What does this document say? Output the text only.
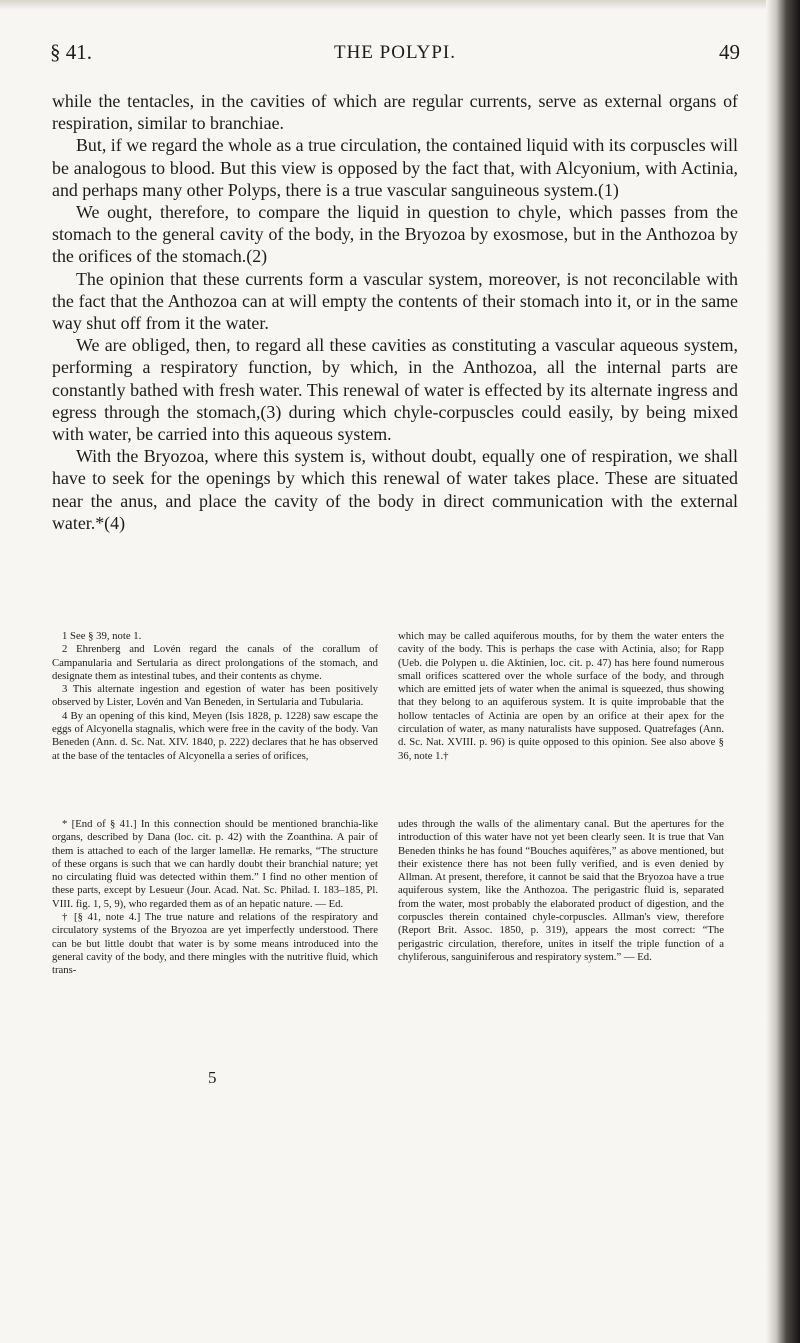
§ 41.	THE POLYPI.	49

while the tentacles, in the cavities of which are regular currents, serve as external organs of respiration, similar to branchiae.

But, if we regard the whole as a true circulation, the contained liquid with its corpuscles will be analogous to blood. But this view is opposed by the fact that, with Alcyonium, with Actinia, and perhaps many other Polyps, there is a true vascular sanguineous system.(1)

We ought, therefore, to compare the liquid in question to chyle, which passes from the stomach to the general cavity of the body, in the Bryozoa by exosmose, but in the Anthozoa by the orifices of the stomach.(2)

The opinion that these currents form a vascular system, moreover, is not reconcilable with the fact that the Anthozoa can at will empty the contents of their stomach into it, or in the same way shut off from it the water.

We are obliged, then, to regard all these cavities as constituting a vascular aqueous system, performing a respiratory function, by which, in the Anthozoa, all the internal parts are constantly bathed with fresh water. This renewal of water is effected by its alternate ingress and egress through the stomach,(3) during which chyle-corpuscles could easily, by being mixed with water, be carried into this aqueous system.

With the Bryozoa, where this system is, without doubt, equally one of respiration, we shall have to seek for the openings by which this renewal of water takes place. These are situated near the anus, and place the cavity of the body in direct communication with the external water.*(4)

1 See § 39, note 1.

2 Ehrenberg and Lovén regard the canals of the corallum of Campanularia and Sertularia as direct prolongations of the stomach, and designate them as intestinal tubes, and their contents as chyme.

3 This alternate ingestion and egestion of water has been positively observed by Lister, Lovén and Van Beneden, in Sertularia and Tubularia.

4 By an opening of this kind, Meyen (Isis 1828, p. 1228) saw escape the eggs of Alcyonella stagnalis, which were free in the cavity of the body. Van Beneden (Ann. d. Sc. Nat. XIV. 1840, p. 222) declares that he has observed at the base of the tentacles of Alcyonella a series of orifices,

which may be called aquiferous mouths, for by them the water enters the cavity of the body. This is perhaps the case with Actinia, also; for Rapp (Ueb. die Polypen u. die Aktinien, loc. cit. p. 47) has here found numerous small orifices scattered over the whole surface of the body, and through which are emitted jets of water when the animal is squeezed, thus showing that they belong to an aquiferous system. It is quite improbable that the hollow tentacles of Actinia are open by an orifice at their apex for the circulation of water, as many naturalists have supposed. Quatrefages (Ann. d. Sc. Nat. XVIII. p. 96) is quite opposed to this opinion. See also above § 36, note 1.†

* [End of § 41.] In this connection should be mentioned branchia-like organs, described by Dana (loc. cit. p. 42) with the Zoanthina. A pair of them is attached to each of the larger lamellæ. He remarks, “The structure of these organs is such that we can hardly doubt their branchial nature; yet no circulating fluid was detected within them.” I find no other mention of these parts, except by Lesueur (Jour. Acad. Nat. Sc. Philad. I. 183–185, Pl. VIII. fig. 1, 5, 9), who regarded them as of an hepatic nature. — Ed.

† [§ 41, note 4.] The true nature and relations of the respiratory and circulatory systems of the Bryozoa are yet imperfectly understood. There can be but little doubt that water is by some means introduced into the general cavity of the body, and there mingles with the nutritive fluid, which trans-

udes through the walls of the alimentary canal. But the apertures for the introduction of this water have not yet been clearly seen. It is true that Van Beneden thinks he has found “Bouches aquifères,” as above mentioned, but their existence there has not been fully verified, and is even denied by Allman. At present, therefore, it cannot be said that the Bryozoa have a true aquiferous system, like the Anthozoa. The perigastric fluid is, separated from the water, most probably the elaborated product of digestion, and the corpuscles therein contained chyle-corpuscles. Allman's view, therefore (Report Brit. Assoc. 1850, p. 319), appears the most correct: “The perigastric circulation, therefore, unites in itself the triple function of a chyliferous, sanguiniferous and respiratory system.” — Ed.

5
